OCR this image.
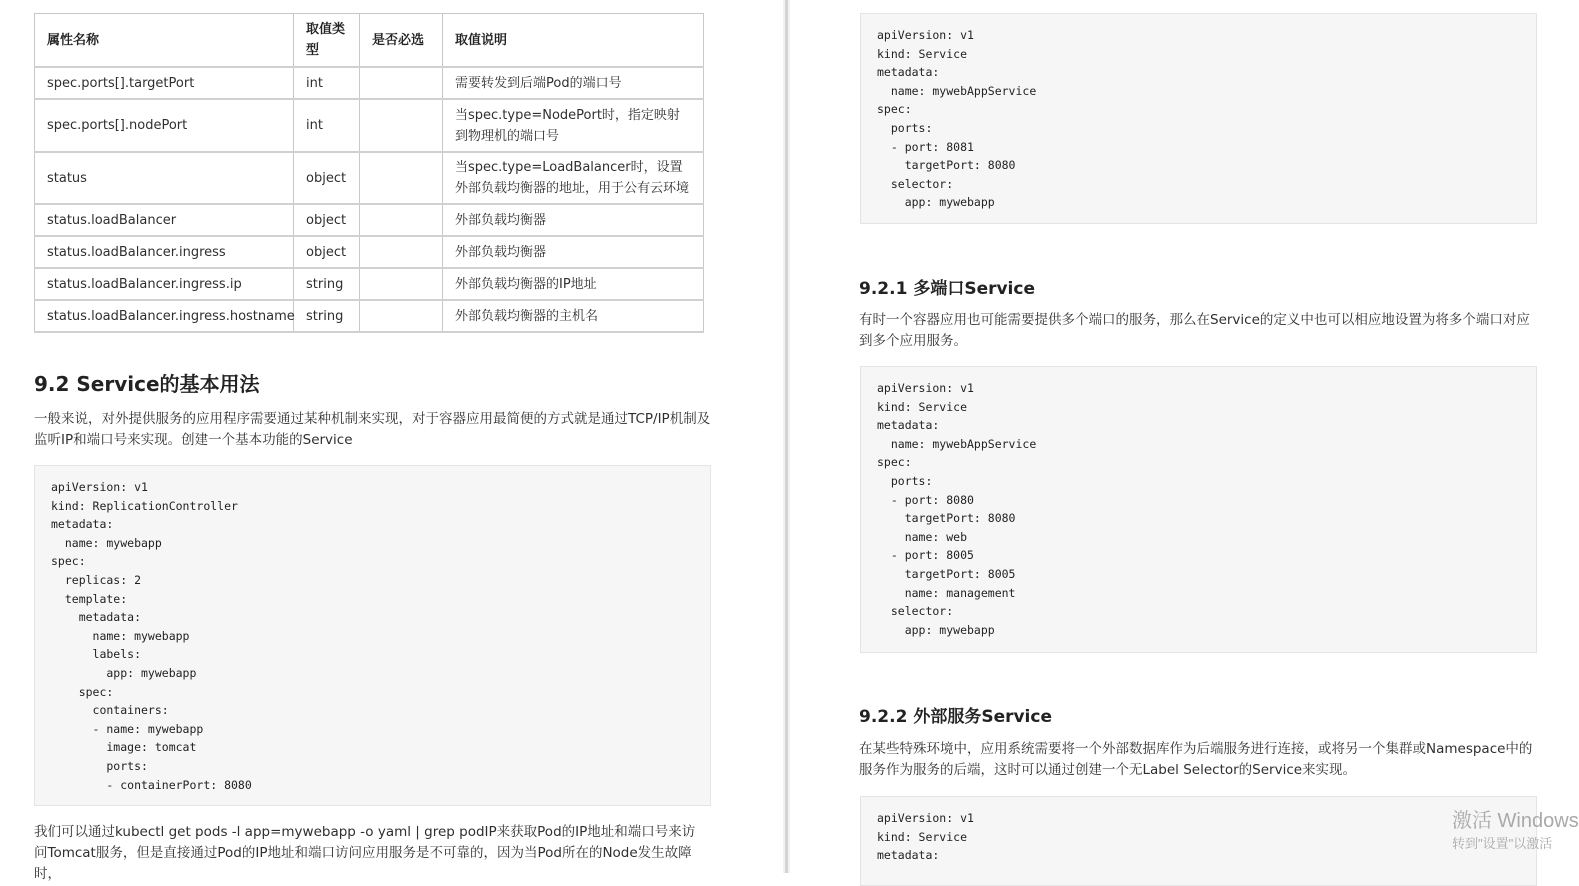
属性名称	取值类型	是否必选	取值说明
spec.ports[].targetPort	int		需要转发到后端Pod的端口号
spec.ports[].nodePort	int		当spec.type=NodePort时，指定映射到物理机的端口号
status	object		当spec.type=LoadBalancer时，设置外部负载均衡器的地址，用于公有云环境
status.loadBalancer	object		外部负载均衡器
status.loadBalancer.ingress	object		外部负载均衡器
status.loadBalancer.ingress.ip	string		外部负载均衡器的IP地址
status.loadBalancer.ingress.hostname	string		外部负载均衡器的主机名
9.2 Service的基本用法

一般来说，对外提供服务的应用程序需要通过某种机制来实现，对于容器应用最简便的方式就是通过TCP/IP机制及监听IP和端口号来实现。创建一个基本功能的Service

apiVersion: v1
kind: ReplicationController
metadata:
name: mywebapp
spec:
replicas: 2
template:
metadata:
name: mywebapp
labels:
app: mywebapp
spec:
containers:
- name: mywebapp
image: tomcat
ports:
- containerPort: 8080

我们可以通过kubectl get pods -l app=mywebapp -o yaml | grep podIP来获取Pod的IP地址和端口号来访问Tomcat服务，但是直接通过Pod的IP地址和端口访问应用服务是不可靠的，因为当Pod所在的Node发生故障时，

apiVersion: v1
kind: Service
metadata:
name: mywebAppService
spec:
ports:
- port: 8081
targetPort: 8080
selector:
app: mywebapp
9.2.1 多端口Service

有时一个容器应用也可能需要提供多个端口的服务，那么在Service的定义中也可以相应地设置为将多个端口对应到多个应用服务。

apiVersion: v1
kind: Service
metadata:
name: mywebAppService
spec:
ports:
- port: 8080
targetPort: 8080
name: web
- port: 8005
targetPort: 8005
name: management
selector:
app: mywebapp
9.2.2 外部服务Service

在某些特殊环境中，应用系统需要将一个外部数据库作为后端服务进行连接，或将另一个集群或Namespace中的服务作为服务的后端，这时可以通过创建一个无Label Selector的Service来实现。

apiVersion: v1
kind: Service
metadata:
激活 Windows
转到"设置"以激活
